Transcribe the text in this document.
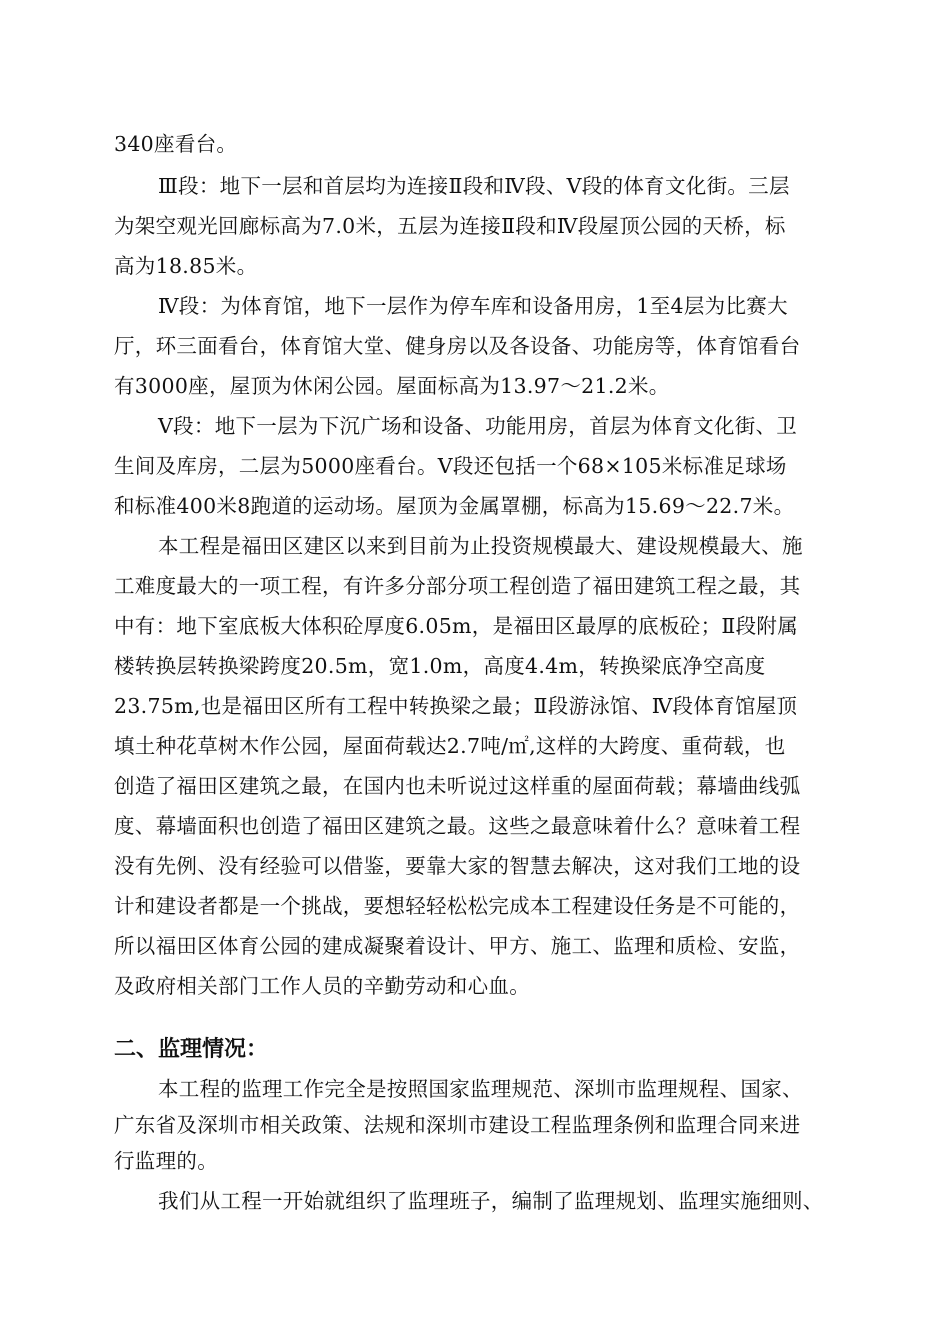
340座看台。
Ⅲ段：地下一层和首层均为连接Ⅱ段和Ⅳ段、Ⅴ段的体育文化街。三层
为架空观光回廊标高为7.0米，五层为连接Ⅱ段和Ⅳ段屋顶公园的天桥，标
高为18.85米。
Ⅳ段：为体育馆，地下一层作为停车库和设备用房，1至4层为比赛大
厅，环三面看台，体育馆大堂、健身房以及各设备、功能房等，体育馆看台
有3000座，屋顶为休闲公园。屋面标高为13.97～21.2米。
Ⅴ段：地下一层为下沉广场和设备、功能用房，首层为体育文化街、卫
生间及库房，二层为5000座看台。Ⅴ段还包括一个68×105米标准足球场
和标准400米8跑道的运动场。屋顶为金属罩棚，标高为15.69～22.7米。
本工程是福田区建区以来到目前为止投资规模最大、建设规模最大、施
工难度最大的一项工程，有许多分部分项工程创造了福田建筑工程之最，其
中有：地下室底板大体积砼厚度6.05m，是福田区最厚的底板砼；Ⅱ段附属
楼转换层转换梁跨度20.5m，宽1.0m，高度4.4m，转换梁底净空高度
23.75m,也是福田区所有工程中转换梁之最；Ⅱ段游泳馆、Ⅳ段体育馆屋顶
填土种花草树木作公园，屋面荷载达2.7吨/㎡,这样的大跨度、重荷载，也
创造了福田区建筑之最，在国内也未听说过这样重的屋面荷载；幕墙曲线弧
度、幕墙面积也创造了福田区建筑之最。这些之最意味着什么？意味着工程
没有先例、没有经验可以借鉴，要靠大家的智慧去解决，这对我们工地的设
计和建设者都是一个挑战，要想轻轻松松完成本工程建设任务是不可能的，
所以福田区体育公园的建成凝聚着设计、甲方、施工、监理和质检、安监，
及政府相关部门工作人员的辛勤劳动和心血。
二、监理情况：
本工程的监理工作完全是按照国家监理规范、深圳市监理规程、国家、
广东省及深圳市相关政策、法规和深圳市建设工程监理条例和监理合同来进
行监理的。
我们从工程一开始就组织了监理班子，编制了监理规划、监理实施细则、
